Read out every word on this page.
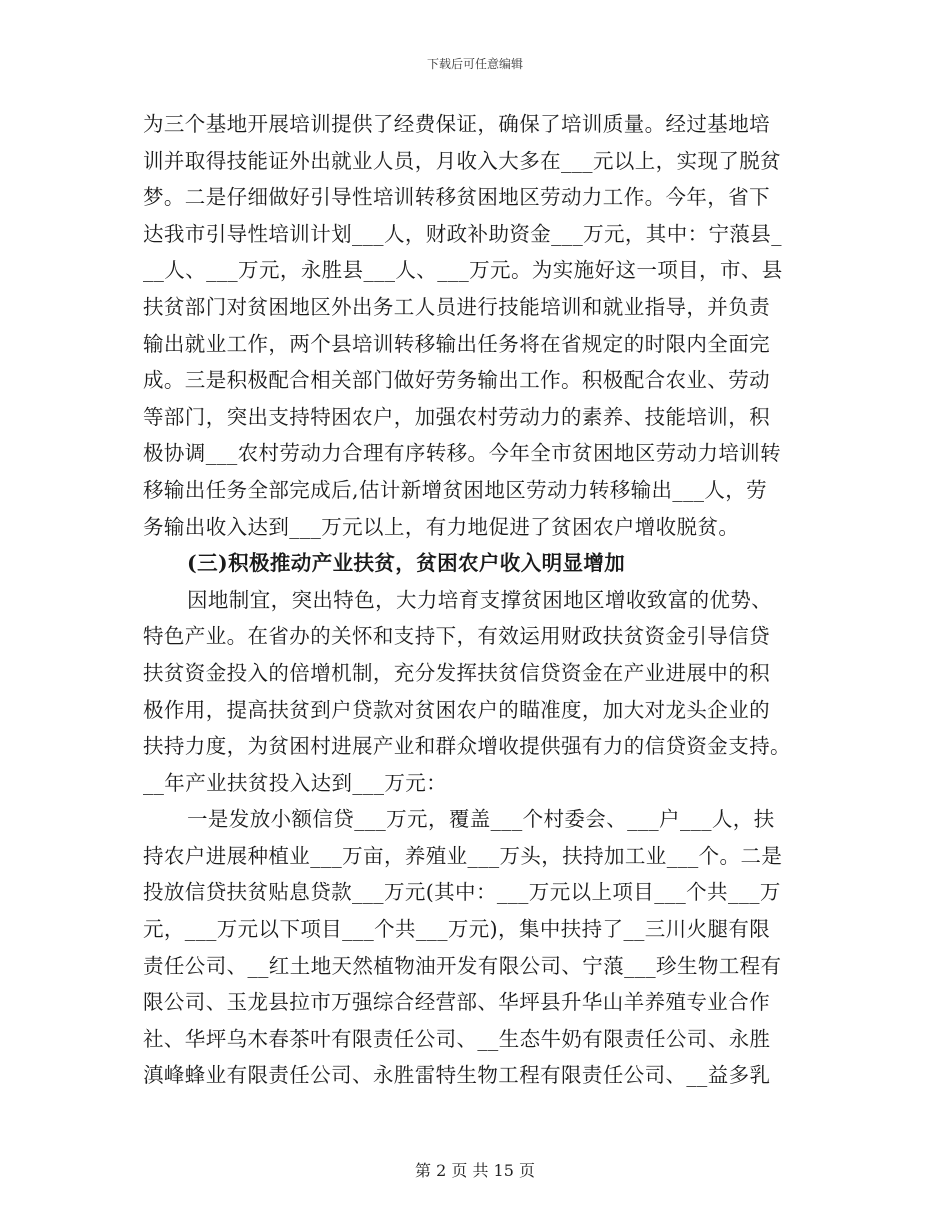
下载后可任意编辑
为三个基地开展培训提供了经费保证，确保了培训质量。经过基地培
训并取得技能证外出就业人员，月收入大多在___元以上，实现了脱贫
梦。二是仔细做好引导性培训转移贫困地区劳动力工作。今年，省下
达我市引导性培训计划___人，财政补助资金___万元，其中：宁蒗县_
__人、___万元，永胜县___人、___万元。为实施好这一项目，市、县
扶贫部门对贫困地区外出务工人员进行技能培训和就业指导，并负责
输出就业工作，两个县培训转移输出任务将在省规定的时限内全面完
成。三是积极配合相关部门做好劳务输出工作。积极配合农业、劳动
等部门，突出支持特困农户，加强农村劳动力的素养、技能培训，积
极协调___农村劳动力合理有序转移。今年全市贫困地区劳动力培训转
移输出任务全部完成后,估计新增贫困地区劳动力转移输出___人，劳
务输出收入达到___万元以上，有力地促进了贫困农户增收脱贫。
(三)积极推动产业扶贫，贫困农户收入明显增加
因地制宜，突出特色，大力培育支撑贫困地区增收致富的优势、
特色产业。在省办的关怀和支持下，有效运用财政扶贫资金引导信贷
扶贫资金投入的倍增机制，充分发挥扶贫信贷资金在产业进展中的积
极作用，提高扶贫到户贷款对贫困农户的瞄准度，加大对龙头企业的
扶持力度，为贫困村进展产业和群众增收提供强有力的信贷资金支持。
__年产业扶贫投入达到___万元：
一是发放小额信贷___万元，覆盖___个村委会、___户___人，扶
持农户进展种植业___万亩，养殖业___万头，扶持加工业___个。二是
投放信贷扶贫贴息贷款___万元(其中：___万元以上项目___个共___万
元，___万元以下项目___个共___万元)，集中扶持了__三川火腿有限
责任公司、__红土地天然植物油开发有限公司、宁蒗___珍生物工程有
限公司、玉龙县拉市万强综合经营部、华坪县升华山羊养殖专业合作
社、华坪乌木春茶叶有限责任公司、__生态牛奶有限责任公司、永胜
滇峰蜂业有限责任公司、永胜雷特生物工程有限责任公司、__益多乳
第 2 页 共 15 页
